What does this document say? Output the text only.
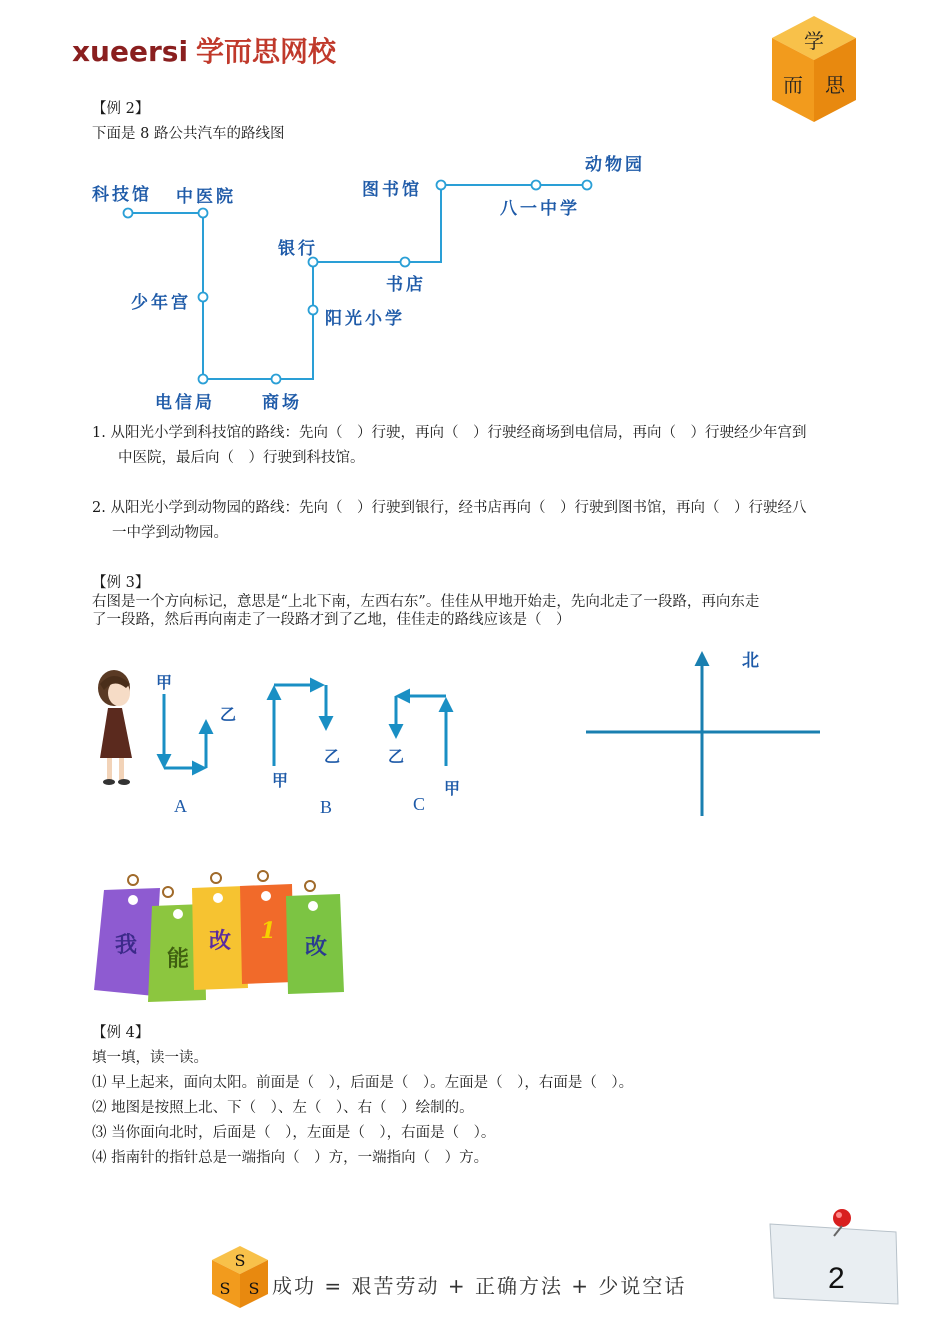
xueersi 学而思网校	学
而 思
【例 2】
下面是 8 路公共汽车的路线图
科技馆 中医院
少年宫
电信局	商场
阳光小学
银行
书店
图书馆
八一中学
动物园
1. 从阳光小学到科技馆的路线：先向（　）行驶，再向（　）行驶经商场到电信局，再向（　）行驶经少年宫到
中医院，最后向（　）行驶到科技馆。
2. 从阳光小学到动物园的路线：先向（　）行驶到银行，经书店再向（　）行驶到图书馆，再向（　）行驶经八
一中学到动物园。
【例 3】
右图是一个方向标记，意思是“上北下南，左西右东”。佳佳从甲地开始走，先向北走了一段路，再向东走
了一段路，然后再向南走了一段路才到了乙地，佳佳走的路线应该是（　）
甲
乙
甲
乙	乙
甲
A	B	C
北
我
能
改 1
改
【例 4】
填一填，读一读。
⑴ 早上起来，面向太阳。前面是（　），后面是（　）。左面是（　），右面是（　）。
⑵ 地图是按照上北、下（　）、左（　）、右（　）绘制的。
⑶ 当你面向北时，后面是（　），左面是（　），右面是（　）。
⑷ 指南针的指针总是一端指向（　）方，一端指向（　）方。
S
S S 成功 = 艰苦劳动 + 正确方法 + 少说空话	2
